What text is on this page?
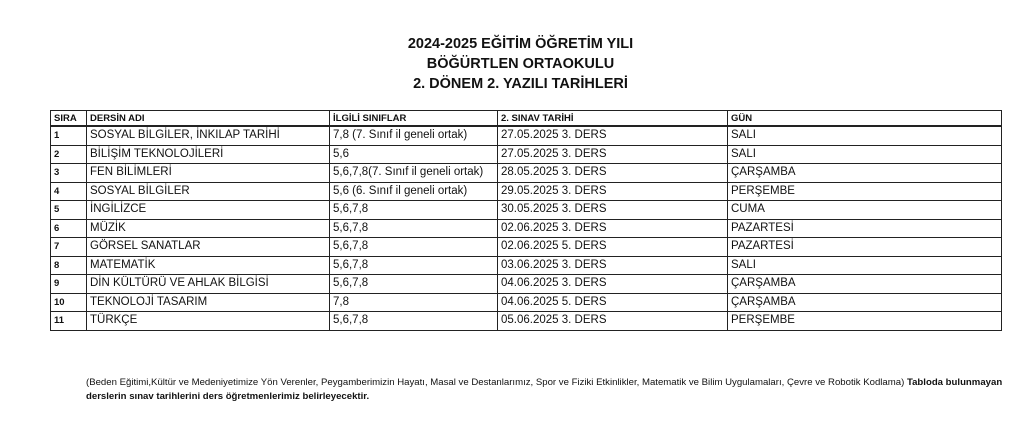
2024-2025 EĞİTİM ÖĞRETİM YILI
BÖĞÜRTLEN ORTAOKULU
2. DÖNEM 2. YAZILI TARİHLERİ
SIRA	DERSİN ADI	İLGİLİ SINIFLAR	2. SINAV TARİHİ	GÜN
1	SOSYAL BİLGİLER, İNKILAP TARİHİ	7,8 (7. Sınıf il geneli ortak)	27.05.2025 3. DERS	SALI
2	BİLİŞİM TEKNOLOJİLERİ	5,6	27.05.2025 3. DERS	SALI
3	FEN BİLİMLERİ	5,6,7,8(7. Sınıf il geneli ortak)	28.05.2025 3. DERS	ÇARŞAMBA
4	SOSYAL BİLGİLER	5,6 (6. Sınıf il geneli ortak)	29.05.2025 3. DERS	PERŞEMBE
5	İNGİLİZCE	5,6,7,8	30.05.2025 3. DERS	CUMA
6	MÜZİK	5,6,7,8	02.06.2025 3. DERS	PAZARTESİ
7	GÖRSEL SANATLAR	5,6,7,8	02.06.2025 5. DERS	PAZARTESİ
8	MATEMATİK	5,6,7,8	03.06.2025 3. DERS	SALI
9	DİN KÜLTÜRÜ VE AHLAK BİLGİSİ	5,6,7,8	04.06.2025 3. DERS	ÇARŞAMBA
10	TEKNOLOJİ TASARIM	7,8	04.06.2025 5. DERS	ÇARŞAMBA
11	TÜRKÇE	5,6,7,8	05.06.2025 3. DERS	PERŞEMBE
(Beden Eğitimi,Kültür ve Medeniyetimize Yön Verenler, Peygamberimizin Hayatı, Masal ve Destanlarımız, Spor ve Fiziki Etkinlikler, Matematik ve Bilim Uygulamaları, Çevre ve Robotik Kodlama) Tabloda bulunmayan derslerin sınav tarihlerini ders öğretmenlerimiz belirleyecektir.
